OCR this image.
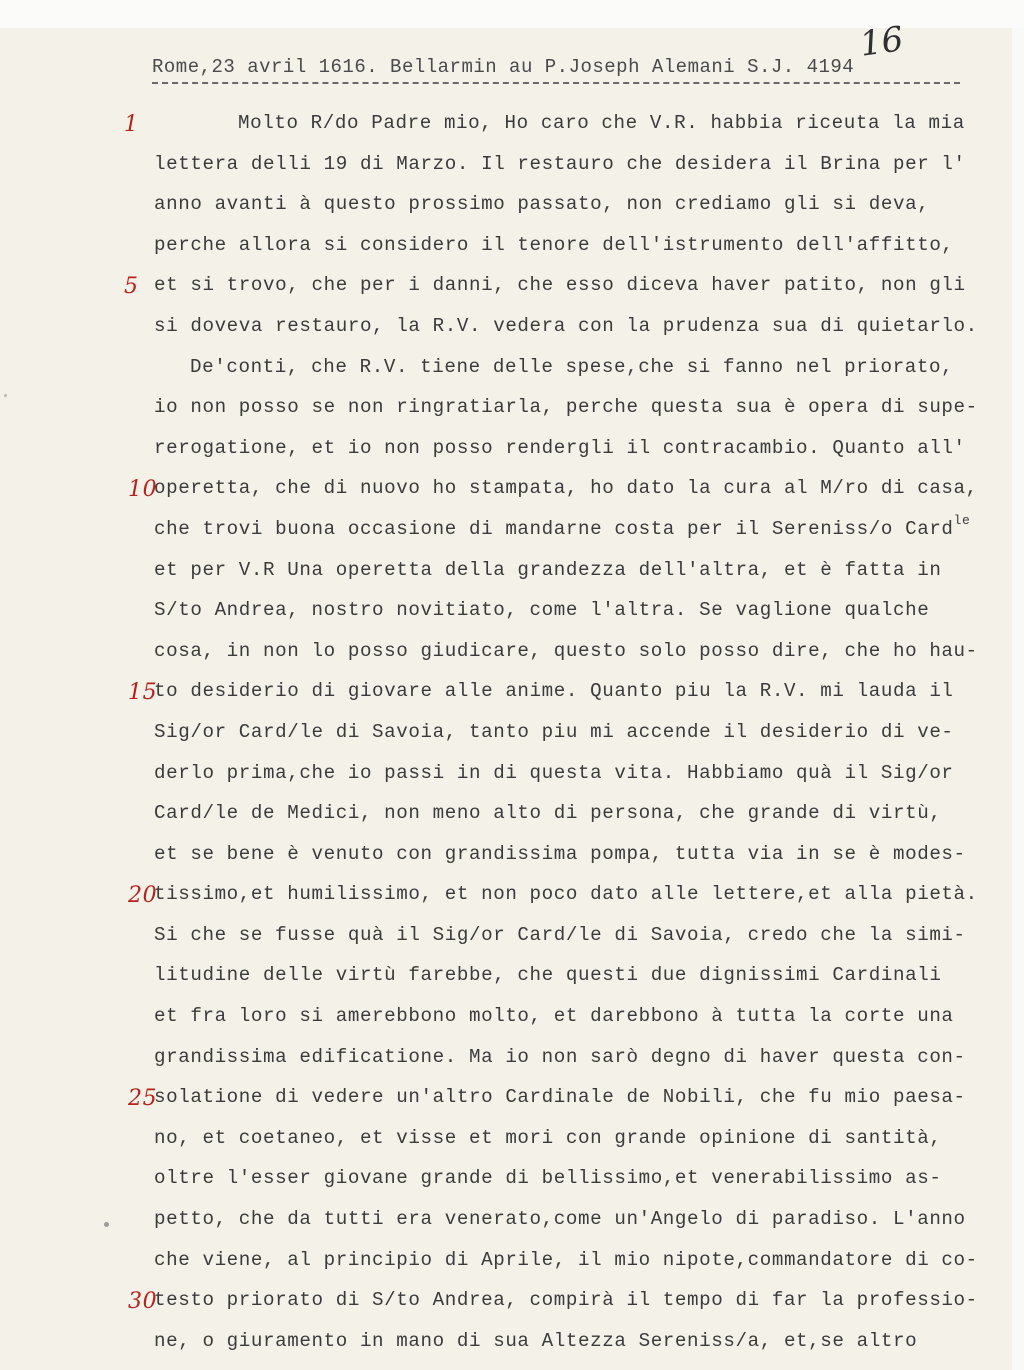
Rome,23 avril 1616. Bellarmin au P.Joseph Alemani S.J. 4194
16
1	Molto R/do Padre mio, Ho caro che V.R. habbia riceuta la mia
lettera delli 19 di Marzo. Il restauro che desidera il Brina per l'
anno avanti à questo prossimo passato, non crediamo gli si deva,
perche allora si considero il tenore dell'istrumento dell'affitto,
5 et si trovo, che per i danni, che esso diceva haver patito, non gli
si doveva restauro, la R.V. vedera con la prudenza sua di quietarlo.
De'conti, che R.V. tiene delle spese,che si fanno nel priorato,
io non posso se non ringratiarla, perche questa sua è opera di supe-
rerogatione, et io non posso rendergli il contracambio. Quanto all'
10
operetta, che di nuovo ho stampata, ho dato la cura al M/ro di casa,
che trovi buona occasione di mandarne costa per il Sereniss/o Card$^{le}$
et per V.R Una operetta della grandezza dell'altra, et è fatta in
S/to Andrea, nostro novitiato, come l'altra. Se vaglione qualche
cosa, in non lo posso giudicare, questo solo posso dire, che ho hau-
15
to desiderio di giovare alle anime. Quanto piu la R.V. mi lauda il
Sig/or Card/le di Savoia, tanto piu mi accende il desiderio di ve-
derlo prima,che io passi in di questa vita. Habbiamo quà il Sig/or
Card/le de Medici, non meno alto di persona, che grande di virtù,
et se bene è venuto con grandissima pompa, tutta via in se è modes-
20
tissimo,et humilissimo, et non poco dato alle lettere,et alla pietà.
Si che se fusse quà il Sig/or Card/le di Savoia, credo che la simi-
litudine delle virtù farebbe, che questi due dignissimi Cardinali
et fra loro si amerebbono molto, et darebbono à tutta la corte una
grandissima edificatione. Ma io non sarò degno di haver questa con-
25
solatione di vedere un'altro Cardinale de Nobili, che fu mio paesa-
no, et coetaneo, et visse et mori con grande opinione di santità,
oltre l'esser giovane grande di bellissimo,et venerabilissimo as-
petto, che da tutti era venerato,come un'Angelo di paradiso. L'anno
che viene, al principio di Aprile, il mio nipote,commandatore di co-
30
testo priorato di S/to Andrea, compirà il tempo di far la professio-
ne, o giuramento in mano di sua Altezza Sereniss/a, et,se altro
